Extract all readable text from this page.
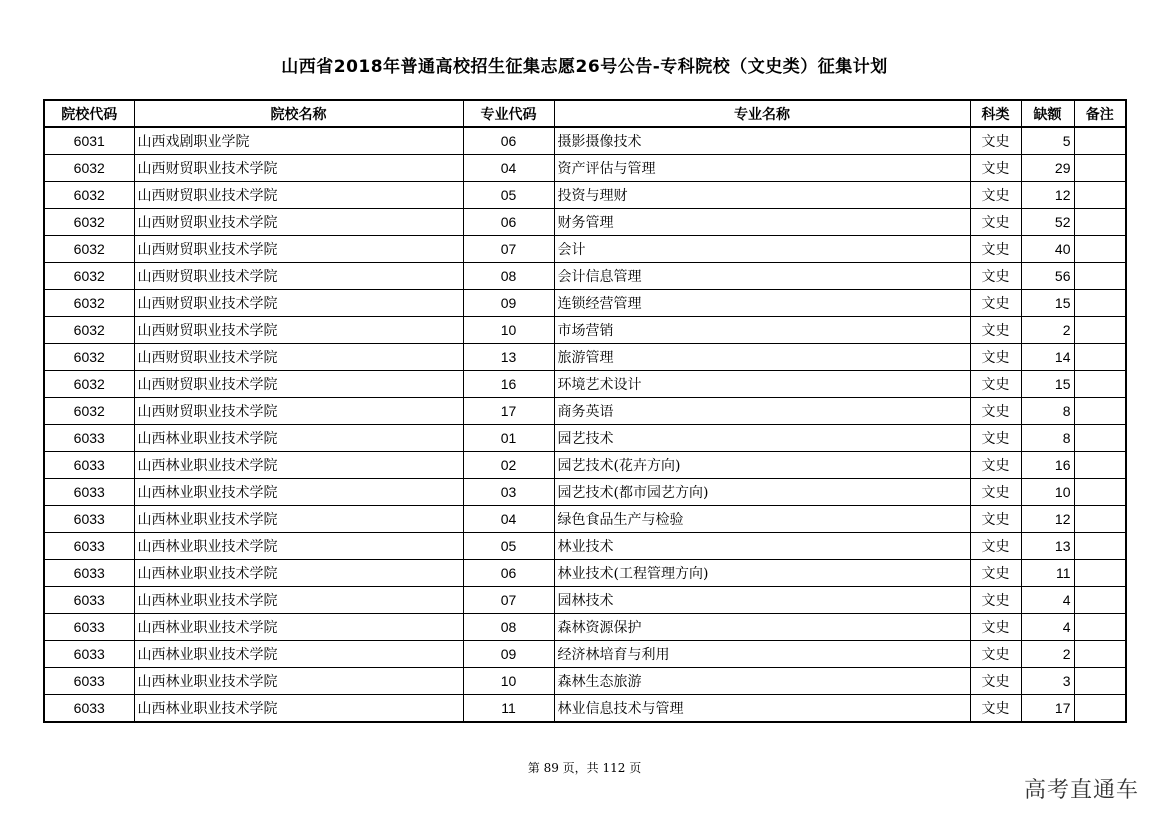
山西省2018年普通高校招生征集志愿26号公告-专科院校（文史类）征集计划
院校代码	院校名称	专业代码	专业名称	科类	缺额	备注
6031	山西戏剧职业学院	06	摄影摄像技术	文史	5	
6032	山西财贸职业技术学院	04	资产评估与管理	文史	29	
6032	山西财贸职业技术学院	05	投资与理财	文史	12	
6032	山西财贸职业技术学院	06	财务管理	文史	52	
6032	山西财贸职业技术学院	07	会计	文史	40	
6032	山西财贸职业技术学院	08	会计信息管理	文史	56	
6032	山西财贸职业技术学院	09	连锁经营管理	文史	15	
6032	山西财贸职业技术学院	10	市场营销	文史	2	
6032	山西财贸职业技术学院	13	旅游管理	文史	14	
6032	山西财贸职业技术学院	16	环境艺术设计	文史	15	
6032	山西财贸职业技术学院	17	商务英语	文史	8	
6033	山西林业职业技术学院	01	园艺技术	文史	8	
6033	山西林业职业技术学院	02	园艺技术(花卉方向)	文史	16	
6033	山西林业职业技术学院	03	园艺技术(都市园艺方向)	文史	10	
6033	山西林业职业技术学院	04	绿色食品生产与检验	文史	12	
6033	山西林业职业技术学院	05	林业技术	文史	13	
6033	山西林业职业技术学院	06	林业技术(工程管理方向)	文史	11	
6033	山西林业职业技术学院	07	园林技术	文史	4	
6033	山西林业职业技术学院	08	森林资源保护	文史	4	
6033	山西林业职业技术学院	09	经济林培育与利用	文史	2	
6033	山西林业职业技术学院	10	森林生态旅游	文史	3	
6033	山西林业职业技术学院	11	林业信息技术与管理	文史	17	
第 89 页，共 112 页
高考直通车
